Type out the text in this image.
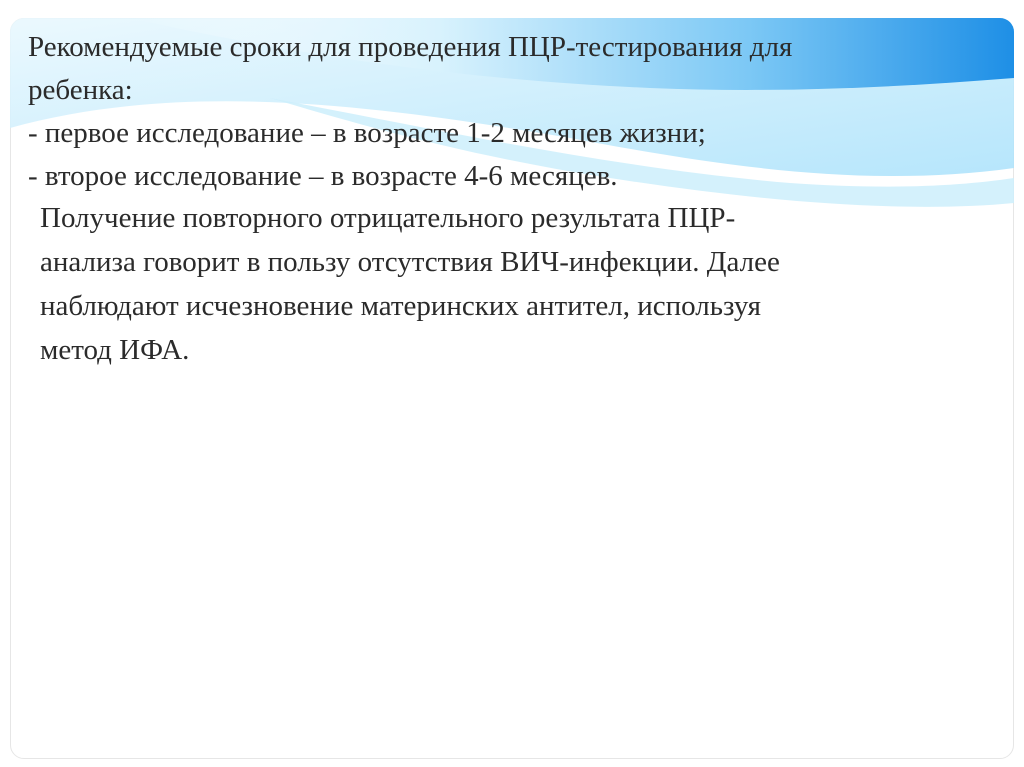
Рекомендуемые сроки для проведения ПЦР-тестирования для
ребенка:
- первое исследование – в возрасте 1-2 месяцев жизни;
- второе исследование – в возрасте 4-6 месяцев.
Получение повторного отрицательного результата ПЦР-
анализа говорит в пользу отсутствия ВИЧ-инфекции. Далее
наблюдают исчезновение материнских антител, используя
метод ИФА.
